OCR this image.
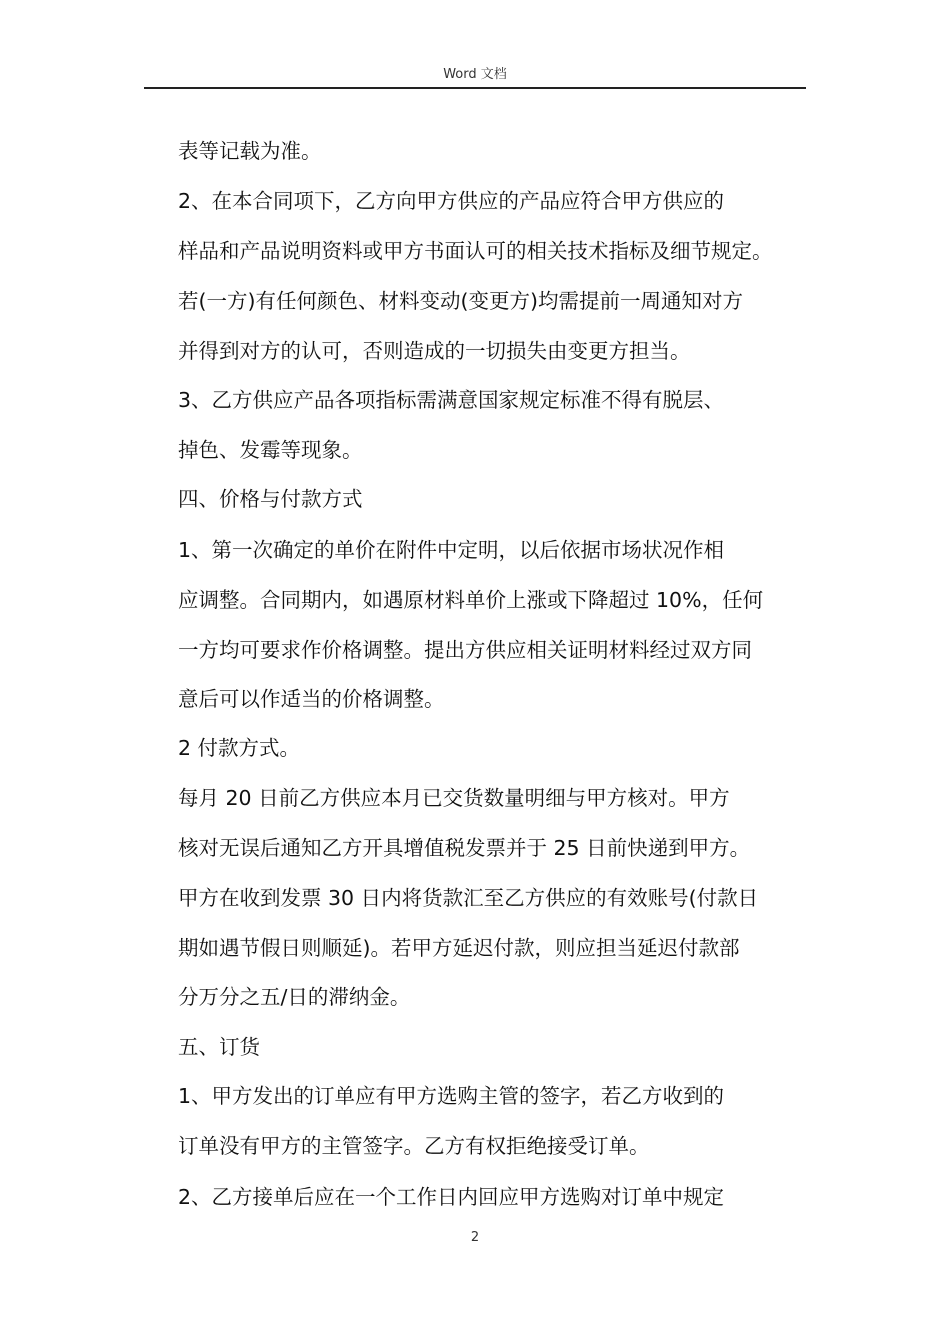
Word 文档
表等记载为准。
2、在本合同项下，乙方向甲方供应的产品应符合甲方供应的
样品和产品说明资料或甲方书面认可的相关技术指标及细节规定。
若(一方)有任何颜色、材料变动(变更方)均需提前一周通知对方
并得到对方的认可，否则造成的一切损失由变更方担当。
3、乙方供应产品各项指标需满意国家规定标准不得有脱层、
掉色、发霉等现象。
四、价格与付款方式
1、第一次确定的单价在附件中定明，以后依据市场状况作相
应调整。合同期内，如遇原材料单价上涨或下降超过 10%，任何
一方均可要求作价格调整。提出方供应相关证明材料经过双方同
意后可以作适当的价格调整。
2 付款方式。
每月 20 日前乙方供应本月已交货数量明细与甲方核对。甲方
核对无误后通知乙方开具增值税发票并于 25 日前快递到甲方。
甲方在收到发票 30 日内将货款汇至乙方供应的有效账号(付款日
期如遇节假日则顺延)。若甲方延迟付款，则应担当延迟付款部
分万分之五/日的滞纳金。
五、订货
1、甲方发出的订单应有甲方选购主管的签字，若乙方收到的
订单没有甲方的主管签字。乙方有权拒绝接受订单。
2、乙方接单后应在一个工作日内回应甲方选购对订单中规定
2
